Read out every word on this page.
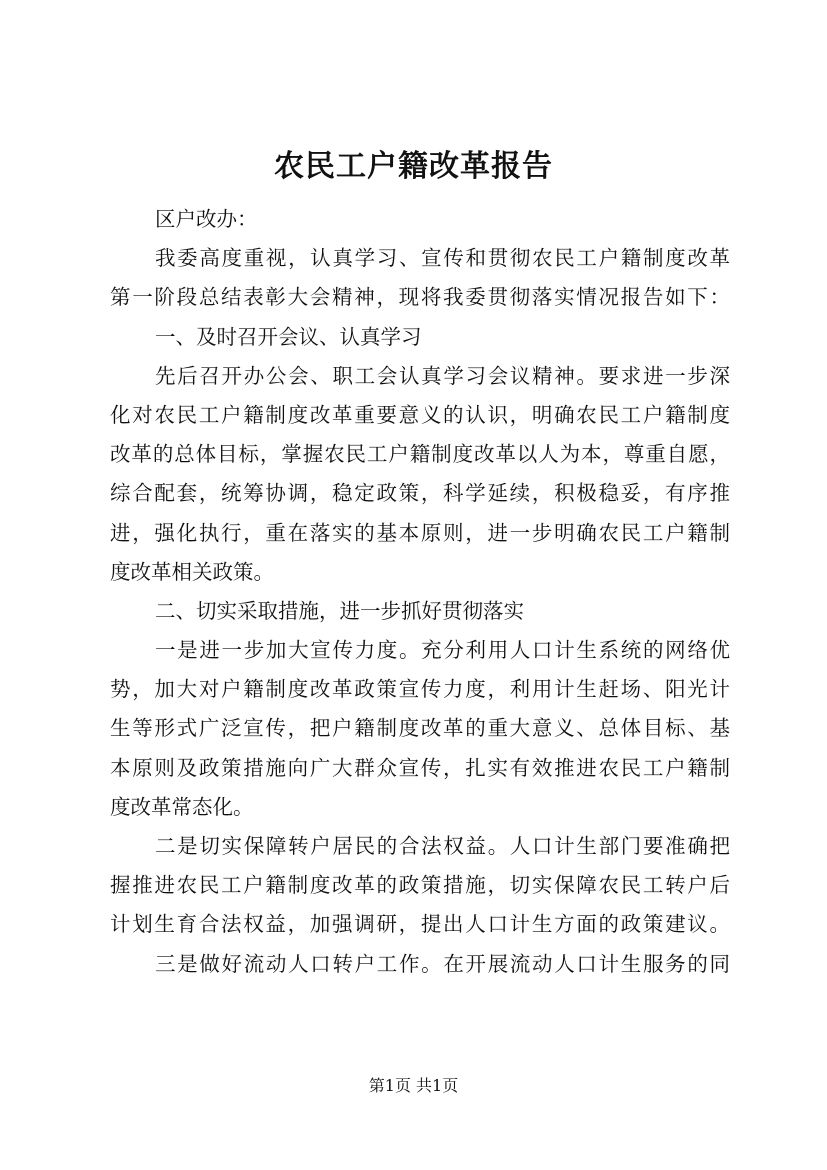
农民工户籍改革报告
区户改办：
我委高度重视，认真学习、宣传和贯彻农民工户籍制度改革
第一阶段总结表彰大会精神，现将我委贯彻落实情况报告如下：
一、及时召开会议、认真学习
先后召开办公会、职工会认真学习会议精神。要求进一步深
化对农民工户籍制度改革重要意义的认识，明确农民工户籍制度
改革的总体目标，掌握农民工户籍制度改革以人为本，尊重自愿，
综合配套，统筹协调，稳定政策，科学延续，积极稳妥，有序推
进，强化执行，重在落实的基本原则，进一步明确农民工户籍制
度改革相关政策。
二、切实采取措施，进一步抓好贯彻落实
一是进一步加大宣传力度。充分利用人口计生系统的网络优
势，加大对户籍制度改革政策宣传力度，利用计生赶场、阳光计
生等形式广泛宣传，把户籍制度改革的重大意义、总体目标、基
本原则及政策措施向广大群众宣传，扎实有效推进农民工户籍制
度改革常态化。
二是切实保障转户居民的合法权益。人口计生部门要准确把
握推进农民工户籍制度改革的政策措施，切实保障农民工转户后
计划生育合法权益，加强调研，提出人口计生方面的政策建议。
三是做好流动人口转户工作。在开展流动人口计生服务的同
第1页 共1页
